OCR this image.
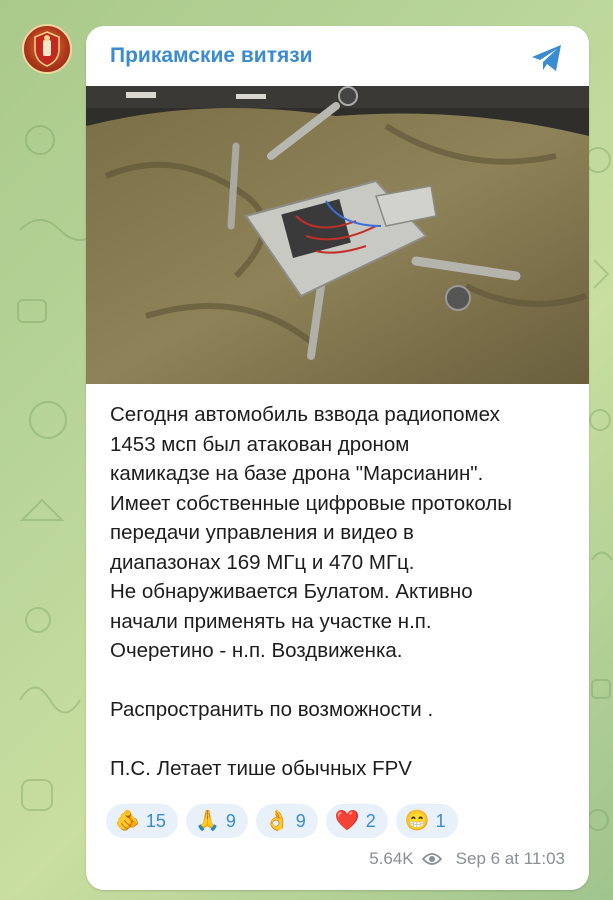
Прикамские витязи
Сегодня автомобиль взвода радиопомех
1453 мсп был атакован дроном
камикадзе на базе дрона "Марсианин".
Имеет собственные цифровые протоколы
передачи управления и видео в
диапазонах 169 МГц и 470 МГц.
Не обнаруживается Булатом. Активно
начали применять на участке н.п.
Очеретино - н.п. Воздвиженка.

Распространить по возможности .

П.С. Летает тише обычных FPV
🫵 15 🙏 9 👌 9 ❤️ 2 😁 1
5.64K Sep 6 at 11:03
